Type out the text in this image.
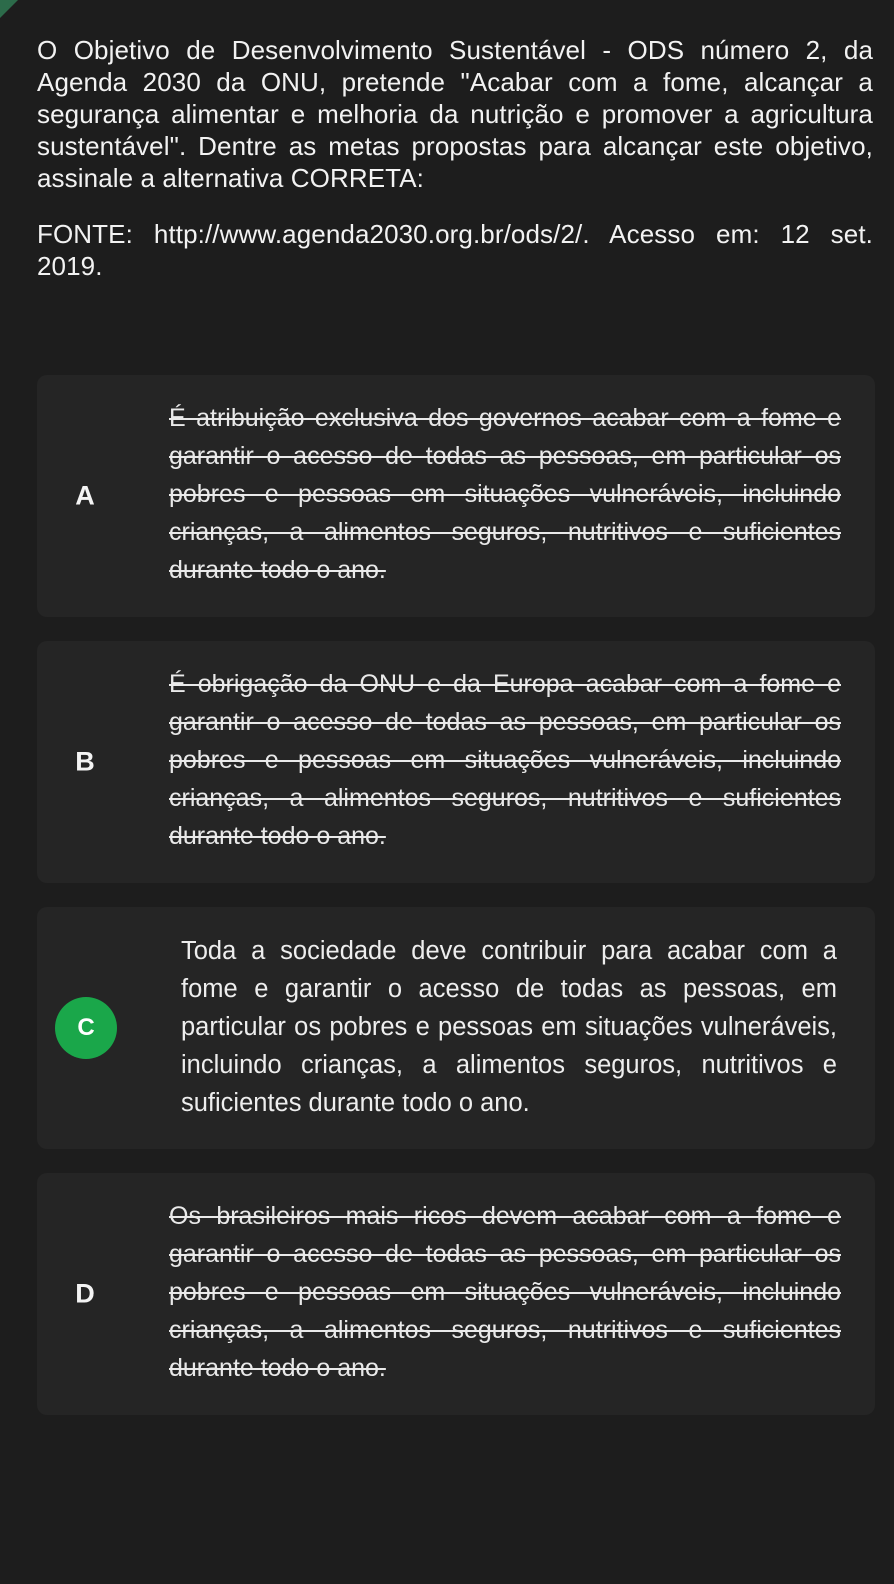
O Objetivo de Desenvolvimento Sustentável - ODS número 2, da Agenda 2030 da ONU, pretende "Acabar com a fome, alcançar a segurança alimentar e melhoria da nutrição e promover a agricultura sustentável". Dentre as metas propostas para alcançar este objetivo, assinale a alternativa CORRETA:
FONTE: http://www.agenda2030.org.br/ods/2/. Acesso em: 12 set. 2019.
A
É atribuição exclusiva dos governos acabar com a fome e garantir o acesso de todas as pessoas, em particular os pobres e pessoas em situações vulneráveis, incluindo crianças, a alimentos seguros, nutritivos e suficientes durante todo o ano.
B
É obrigação da ONU e da Europa acabar com a fome e garantir o acesso de todas as pessoas, em particular os pobres e pessoas em situações vulneráveis, incluindo crianças, a alimentos seguros, nutritivos e suficientes durante todo o ano.
C
Toda a sociedade deve contribuir para acabar com a fome e garantir o acesso de todas as pessoas, em particular os pobres e pessoas em situações vulneráveis, incluindo crianças, a alimentos seguros, nutritivos e suficientes durante todo o ano.
D
Os brasileiros mais ricos devem acabar com a fome e garantir o acesso de todas as pessoas, em particular os pobres e pessoas em situações vulneráveis, incluindo crianças, a alimentos seguros, nutritivos e suficientes durante todo o ano.
